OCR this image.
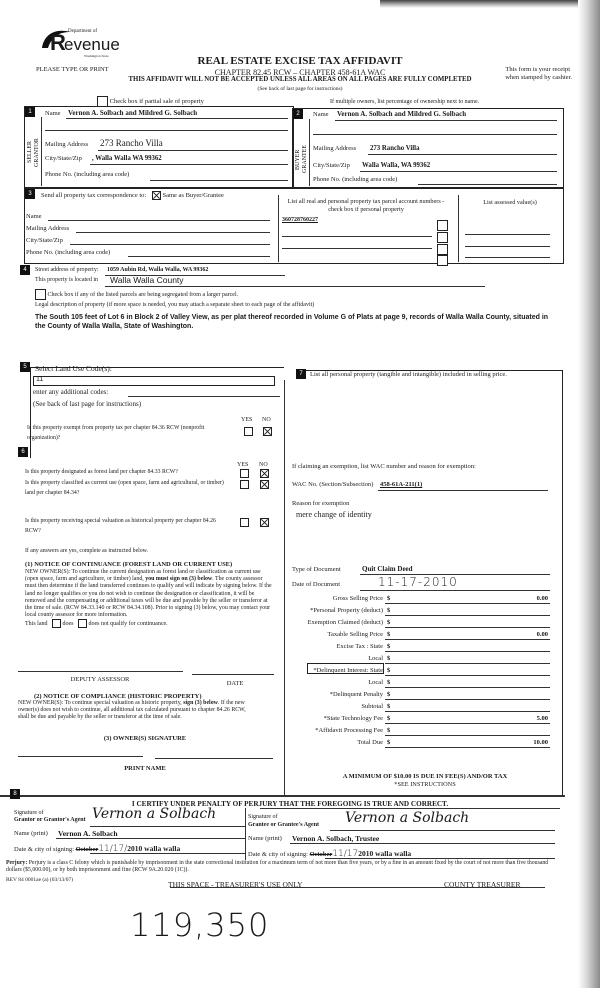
Department of
R
evenue
Washington State
PLEASE TYPE OR PRINT
REAL ESTATE EXCISE TAX AFFIDAVIT
CHAPTER 82.45 RCW – CHAPTER 458-61A WAC
THIS AFFIDAVIT WILL NOT BE ACCEPTED UNLESS ALL AREAS ON ALL PAGES ARE FULLY COMPLETED
(See back of last page for instructions)
This form is your receipt
when stamped by cashier.
Check box if partial sale of property	If multiple owners, list percentage of ownership next to name.
1
SELLER
GRANTOR
Name Vernon A. Solbach and Mildred G. Solbach
Mailing Address 273 Rancho Villa
City/State/Zip , Walla Walla WA 99362
Phone No. (including area code)
2
BUYER
GRANTEE
Name Vernon A. Solbach and Mildred G. Solbach
Mailing Address 273 Rancho Villa
City/State/Zip Walla Walla, WA 99362
Phone No. (including area code)
3	Send all property tax correspondence to:	Same as Buyer/Grantee
Name
Mailing Address
City/State/Zip
Phone No. (including area code)
List all real and personal property tax parcel account numbers - check box if personal property
List assessed value(s)
360728760227
4	Street address of property: 1059 Aubin Rd, Walla Walla, WA 99362
This property is located in Walla Walla County
Check box if any of the listed parcels are being segregated from a larger parcel.
Legal description of property (if more space is needed, you may attach a separate sheet to each page of the affidavit)
The South 105 feet of Lot 6 in Block 2 of Valley View, as per plat thereof recorded in Volume G of Plats at page 9, records of Walla Walla County, situated in the County of Walla Walla, State of Washington.
5	Select Land Use Code(s):
11
enter any additional codes:
(See back of last page for instructions)
YES NO
Is this property exempt from property tax per chapter 84.36 RCW (nonprofit organization)?
6
YES NO
Is this property designated as forest land per chapter 84.33 RCW?
Is this property classified as current use (open space, farm and agricultural, or timber) land per chapter 84.34?
Is this property receiving special valuation as historical property per chapter 84.26 RCW?
If any answers are yes, complete as instructed below.
(1) NOTICE OF CONTINUANCE (FOREST LAND OR CURRENT USE)
NEW OWNER(S): To continue the current designation as forest land or classification as current use (open space, farm and agriculture, or timber) land, you must sign on (3) below. The county assessor must then determine if the land transferred continues to qualify and will indicate by signing below. If the land no longer qualifies or you do not wish to continue the designation or classification, it will be removed and the compensating or additional taxes will be due and payable by the seller or transferor at the time of sale. (RCW 84.33.140 or RCW 84.34.108). Prior to signing (3) below, you may contact your local county assessor for more information.
This land	does	does not qualify for continuance.
DEPUTY ASSESSOR
DATE
(2) NOTICE OF COMPLIANCE (HISTORIC PROPERTY)
NEW OWNER(S): To continue special valuation as historic property, sign (3) below. If the new owner(s) does not wish to continue, all additional tax calculated pursuant to chapter 84.26 RCW, shall be due and payable by the seller or transferor at the time of sale.
(3) OWNER(S) SIGNATURE
PRINT NAME
7	List all personal property (tangible and intangible) included in selling price.
If claiming an exemption, list WAC number and reason for exemption:
WAC No. (Section/Subsection) 458-61A-211(1)
Reason for exemption
mere change of identity
Type of Document	Quit Claim Deed
Date of Document	11-17-2010
Gross Selling Price $	0.00
*Personal Property (deduct) $
Exemption Claimed (deduct) $
Taxable Selling Price $	0.00
Excise Tax : State $
Local $
*Delinquent Interest: State $
Local $
*Delinquent Penalty $
Subtotal $
*State Technology Fee $	5.00
*Affidavit Processing Fee $
Total Due $	10.00
A MINIMUM OF $10.00 IS DUE IN FEE(S) AND/OR TAX
*SEE INSTRUCTIONS
8
I CERTIFY UNDER PENALTY OF PERJURY THAT THE FOREGOING IS TRUE AND CORRECT.
Signature of
Grantor or Grantor's Agent Vernon a Solbach
Name (print) Vernon A. Solbach
Date & city of signing: October11/17/2010 walla walla
Signature of
Grantee or Grantee's Agent Vernon a Solbach
Name (print) Vernon A. Solbach, Trustee
Date & city of signing: October11/172010 walla walla
Perjury: Perjury is a class C felony which is punishable by imprisonment in the state correctional institution for a maximum term of not more than five years, or by a fine in an amount fixed by the court of not more than five thousand dollars ($5,000.00), or by both imprisonment and fine (RCW 9A.20.020 (1C)).
REV 84 0001ae (a) (03/13/07)	THIS SPACE - TREASURER'S USE ONLY	COUNTY TREASURER
119,350
